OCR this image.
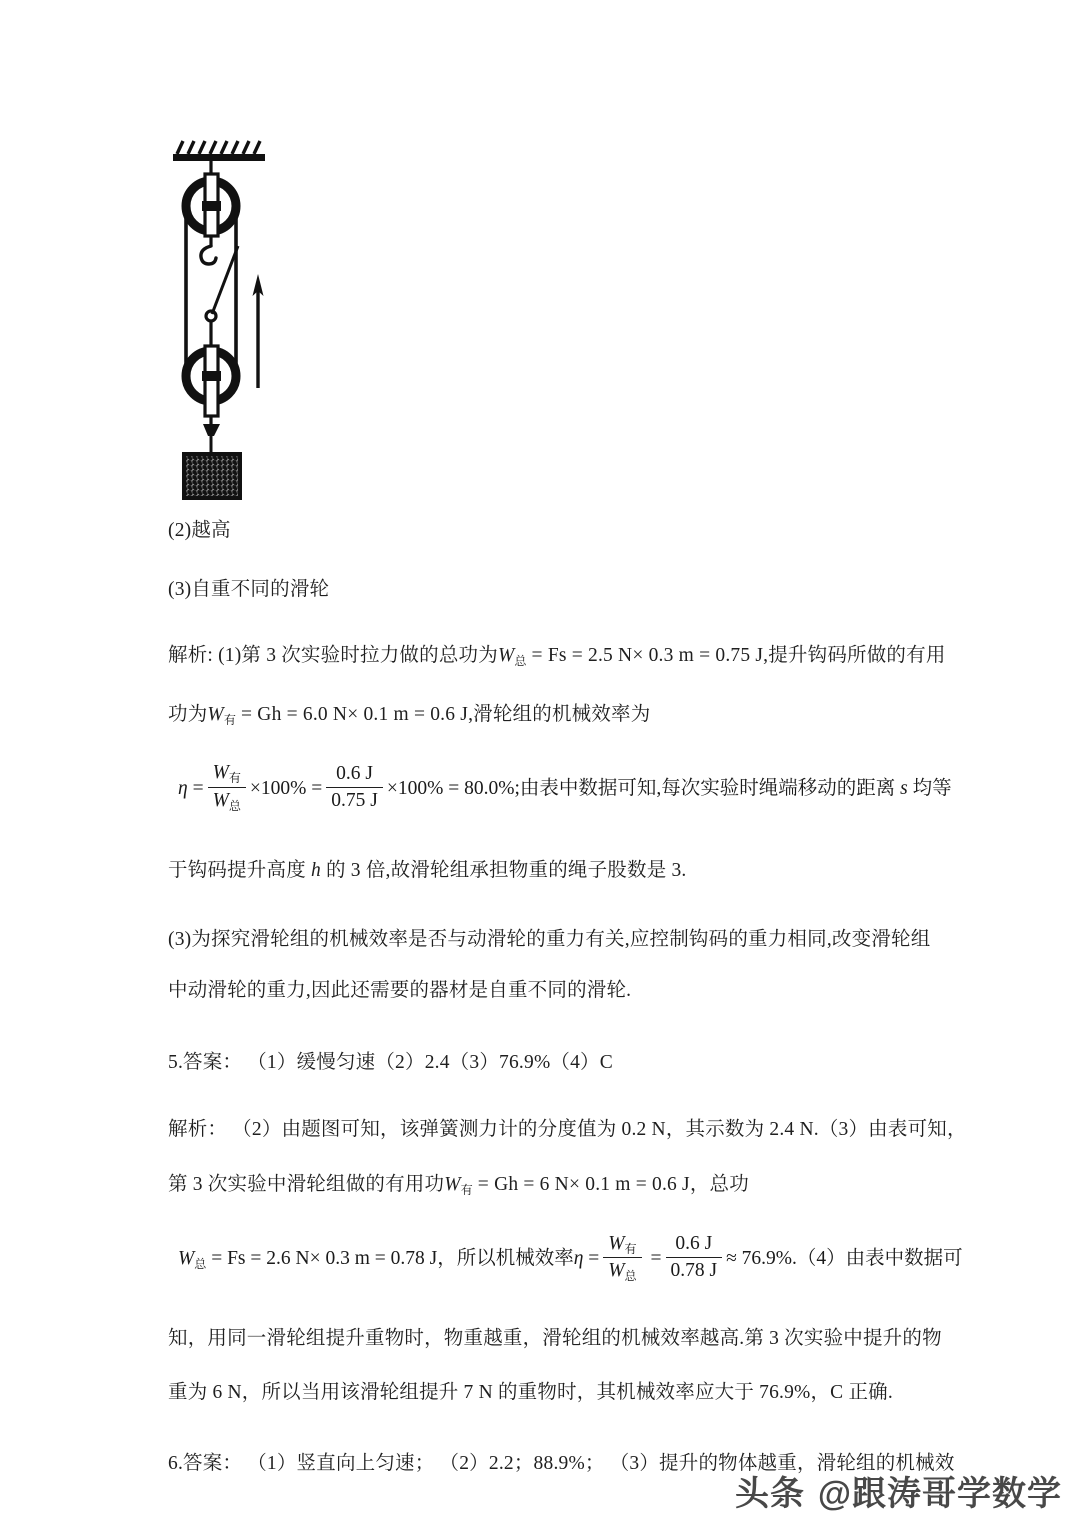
(2)越高
(3)自重不同的滑轮
解析: (1)第 3 次实验时拉力做的总功为$W_总 = Fs = 2.5$ N× 0.3 m = 0.75 J,提升钩码所做的有用
功为$W_有 = Gh = 6.0$ N× 0.1 m = 0.6 J,滑轮组的机械效率为
$\eta = \frac{W_有}{W_总} \times 100\% = \frac{0.6 J}{0.75 J} \times 100\% = 80.0\%$;由表中数据可知,每次实验时绳端移动的距离 s 均等
于钩码提升高度 h 的 3 倍,故滑轮组承担物重的绳子股数是 3.
(3)为探究滑轮组的机械效率是否与动滑轮的重力有关,应控制钩码的重力相同,改变滑轮组
中动滑轮的重力,因此还需要的器材是自重不同的滑轮.
5.答案： （1）缓慢匀速（2）2.4（3）76.9%（4）C
解析： （2）由题图可知，该弹簧测力计的分度值为 0.2 N，其示数为 2.4 N.（3）由表可知，
第 3 次实验中滑轮组做的有用功$W_有 = Gh = 6$ N× 0.1 m = 0.6 J，总功
$W_总 = Fs = 2.6$ N× 0.3 m = 0.78 J，所以机械效率$\eta = \frac{W_有}{W_总} = \frac{0.6 J}{0.78 J} \approx 76.9\%.(4)$由表中数据可
知，用同一滑轮组提升重物时，物重越重，滑轮组的机械效率越高.第 3 次实验中提升的物
重为 6 N，所以当用该滑轮组提升 7 N 的重物时，其机械效率应大于 76.9%，C 正确.
6.答案： （1）竖直向上匀速； （2）2.2；88.9%； （3）提升的物体越重，滑轮组的机械效
头条 @跟涛哥学数学
